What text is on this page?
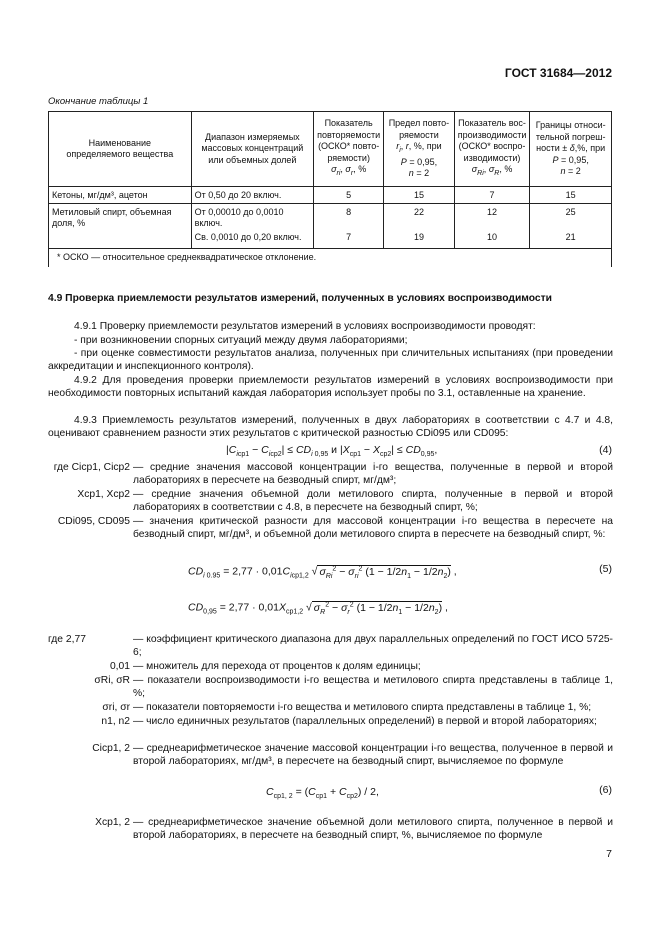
ГОСТ 31684—2012
Окончание таблицы 1
Наименование
определяемого вещества	Диапазон измеряемых
массовых концентраций
или объемных долей	Показатель повторяемости (ОСКО* повто-
ряемости)
$\sigma_{ri}$, $\sigma_r$, %	Предел повто-
ряемости
$r_i$, r, %, при
P = 0,95,
n = 2	Показатель вос-
производимости
(ОСКО* воспро-
изводимости)
$\sigma_{Ri}$, $\sigma_R$, %	Границы относи-
тельной погреш-
ности ± δ,%, при
P = 0,95,
n = 2
Кетоны, мг/дм³, ацетон	От 0,50 до 20 включ.	5	15	7	15
Метиловый спирт, объемная доля, %	От 0,00010 до 0,0010 включ.	8	22	12	25
	Св. 0,0010 до 0,20 включ.	7	19	10	21
* ОСКО — относительное среднеквадратическое отклонение.					
4.9 Проверка приемлемости результатов измерений, полученных в условиях воспроизводимости
4.9.1 Проверку приемлемости результатов измерений в условиях воспроизводимости проводят:
- при возникновении спорных ситуаций между двумя лабораториями;
- при оценке совместимости результатов анализа, полученных при сличительных испытаниях (при проведении аккредитации и инспекционного контроля).
4.9.2 Для проведения проверки приемлемости результатов измерений в условиях воспроизводимости при необходимости повторных испытаний каждая лаборатория использует пробы по 3.1, оставленные на хранение.
4.9.3 Приемлемость результатов измерений, полученных в двух лабораториях в соответствии с 4.7 и 4.8, оценивают сравнением разности этих результатов с критической разностью CDi095 или CD095:
$|C_{iср1} - C_{iср2}| \le CD_{i 0,95}$ и $|X_{ср1} - X_{ср2}| \le CD_{0,95}$,	(4)
где Cicp1, Cicp2 — средние значения массовой концентрации i-го вещества, полученные в первой и второй лабораториях в пересчете на безводный спирт, мг/дм³;
Xcp1, Xcp2 — средние значения объемной доли метилового спирта, полученные в первой и второй лабораториях в соответствии с 4.8, в пересчете на безводный спирт, %;
CDi095, CD095 — значения критической разности для массовой концентрации i-го вещества в пересчете на безводный спирт, мг/дм³, и объемной доли метилового спирта в пересчете на безводный спирт, %:
$CD_{i 0.95} = 2,77 \cdot 0,01C_{iср1,2}$ √ $\sigma_{Ri}^2 - \sigma_{ri}^2$ $(1 - 1/2n_1 - 1/2n_2)$ ,	(5)
$CD_{0,95} = 2,77 \cdot 0,01X_{ср1,2}$ √ $\sigma_R^2 - \sigma_r^2$ $(1 - 1/2n_1 - 1/2n_2)$ ,
где 2,77	— коэффициент критического диапазона для двух параллельных определений по ГОСТ ИСО 5725-6;
0,01 — множитель для перехода от процентов к долям единицы;
σRi, σR — показатели воспроизводимости i-го вещества и метилового спирта представлены в таблице 1, %;
σri, σr — показатели повторяемости i-го вещества и метилового спирта представлены в таблице 1, %;
n1, n2 — число единичных результатов (параллельных определений) в первой и второй лабораториях;
Cicp1, 2 — среднеарифметическое значение массовой концентрации i-го вещества, полученное в первой и второй лабораториях, мг/дм³, в пересчете на безводный спирт, вычисляемое по формуле
$C_{ср1, 2} = (C_{ср1} + C_{ср2}) / 2$,	(6)
Xcp1, 2 — среднеарифметическое значение объемной доли метилового спирта, полученное в первой и второй лабораториях, в пересчете на безводный спирт, %, вычисляемое по формуле
7
